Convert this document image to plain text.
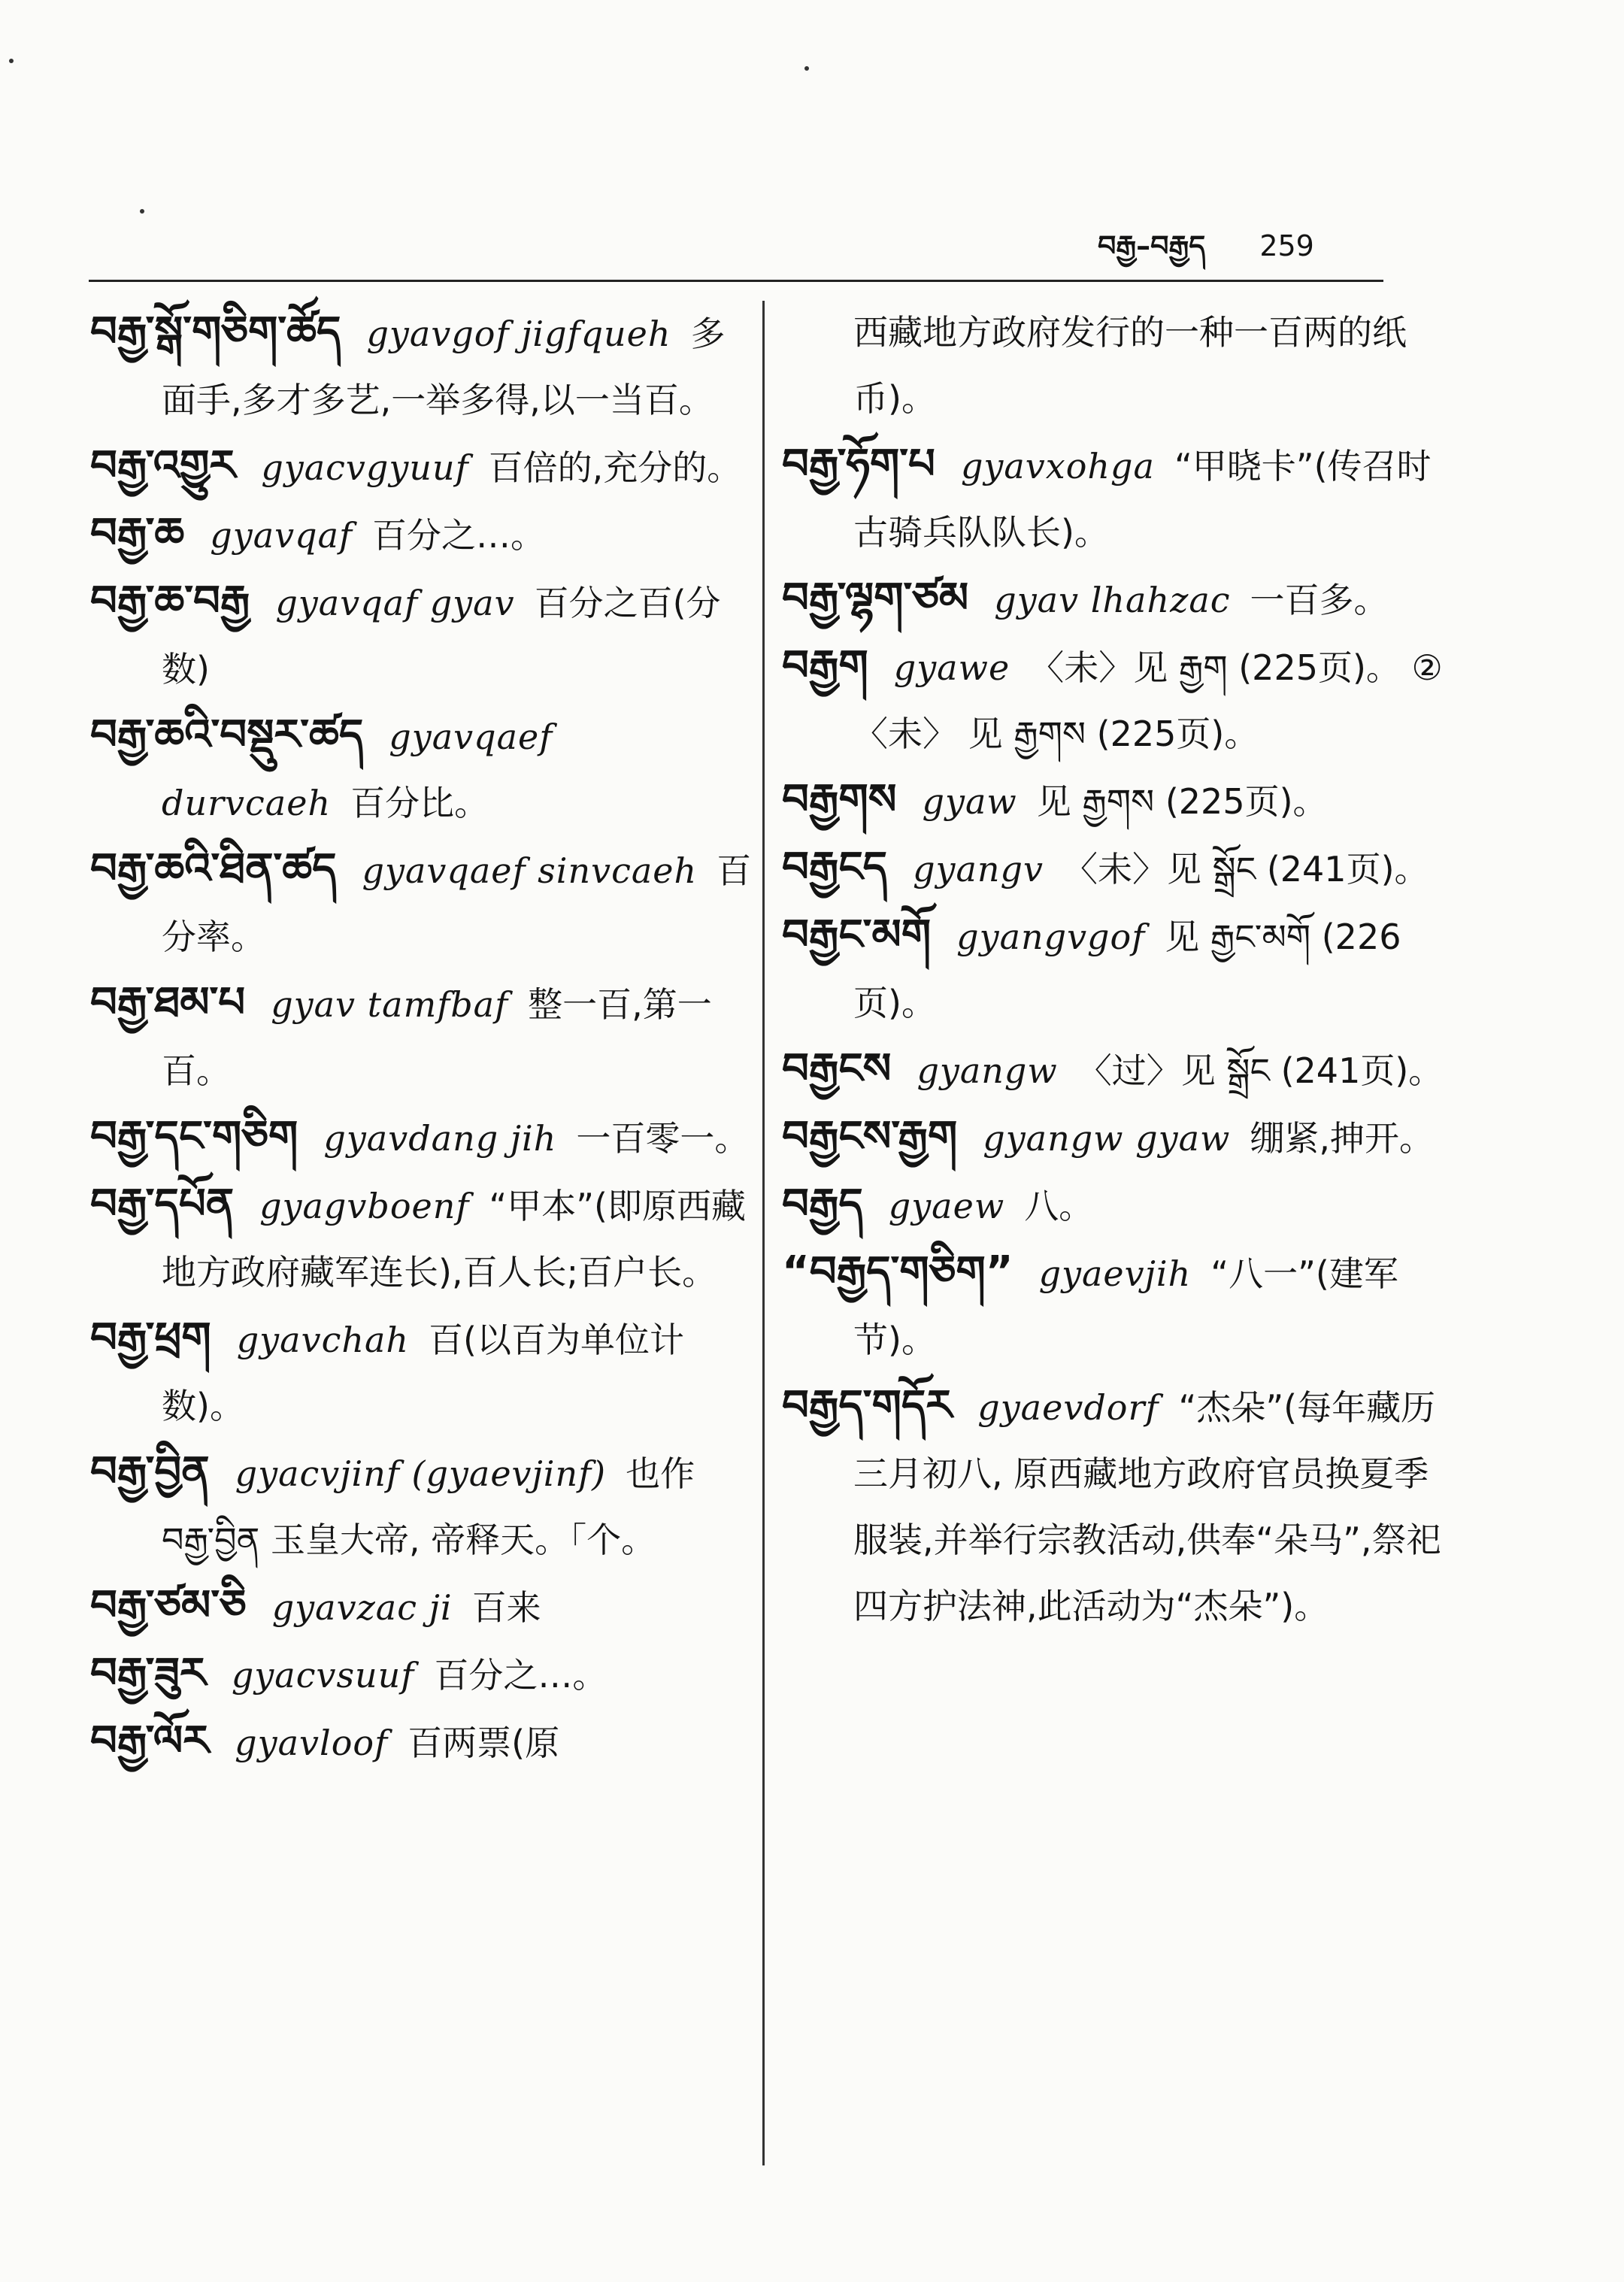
བརྒྱ–བརྒྱད 259

བརྒྱ་སྒོ་གཅིག་ཚོད gyavgof jigfqueh 多面手,多才多艺,一举多得,以一当百。

བརྒྱ་འགྱུར gyacvgyuuf 百倍的,充分的。

བརྒྱ་ཆ gyavqaf 百分之…。

བརྒྱ་ཆ་བརྒྱ gyavqaf gyav 百分之百(分数)

བརྒྱ་ཆའི་བསྡུར་ཚད gyavqaef durvcaeh 百分比。

བརྒྱ་ཆའི་ཐིན་ཚད gyavqaef sinvcaeh 百分率。

བརྒྱ་ཐམ་པ gyav tamfbaf 整一百,第一百。

བརྒྱ་དང་གཅིག gyavdang jih 一百零一。

བརྒྱ་དཔོན gyagvboenf “甲本”(即原西藏地方政府藏军连长),百人长;百户长。

བརྒྱ་ཕྲག gyavchah 百(以百为单位计数)。

བརྒྱ་བྱིན gyacvjinf (gyaevjinf) 也作 བརྒྱ་བྱིན 玉皇大帝, 帝释天。「个。

བརྒྱ་ཙམ་ཅི gyavzac ji 百来

བརྒྱ་ཟུར gyacvsuuf 百分之…。

བརྒྱ་ལོར gyavloof 百两票(原

西藏地方政府发行的一种一百两的纸币)。

བརྒྱ་ཧོག་པ gyavxohga “甲晓卡”(传召时古骑兵队队长)。

བརྒྱ་ལྷག་ཙམ gyav lhahzac 一百多。

བརྒྱག gyawe 〈未〉见 རྒྱག (225页)。 ②〈未〉 见 རྒྱགས (225页)。

བརྒྱགས gyaw 见 རྒྱགས (225页)。

བརྒྱངད gyangv 〈未〉见 སྒྲོང (241页)。

བརྒྱང་མགོ gyangvgof 见 རྒྱང་མགོ (226页)。

བརྒྱངས gyangw 〈过〉见 སྒྲོང (241页)。

བརྒྱངས་རྒྱག gyangw gyaw 绷紧,抻开。

བརྒྱད gyaew 八。

“བརྒྱད་གཅིག” gyaevjih “八一”(建军节)。

བརྒྱད་གདོར gyaevdorf “杰朵”(每年藏历三月初八, 原西藏地方政府官员换夏季服装,并举行宗教活动,供奉“朵马”,祭祀四方护法神,此活动为“杰朵”)。
